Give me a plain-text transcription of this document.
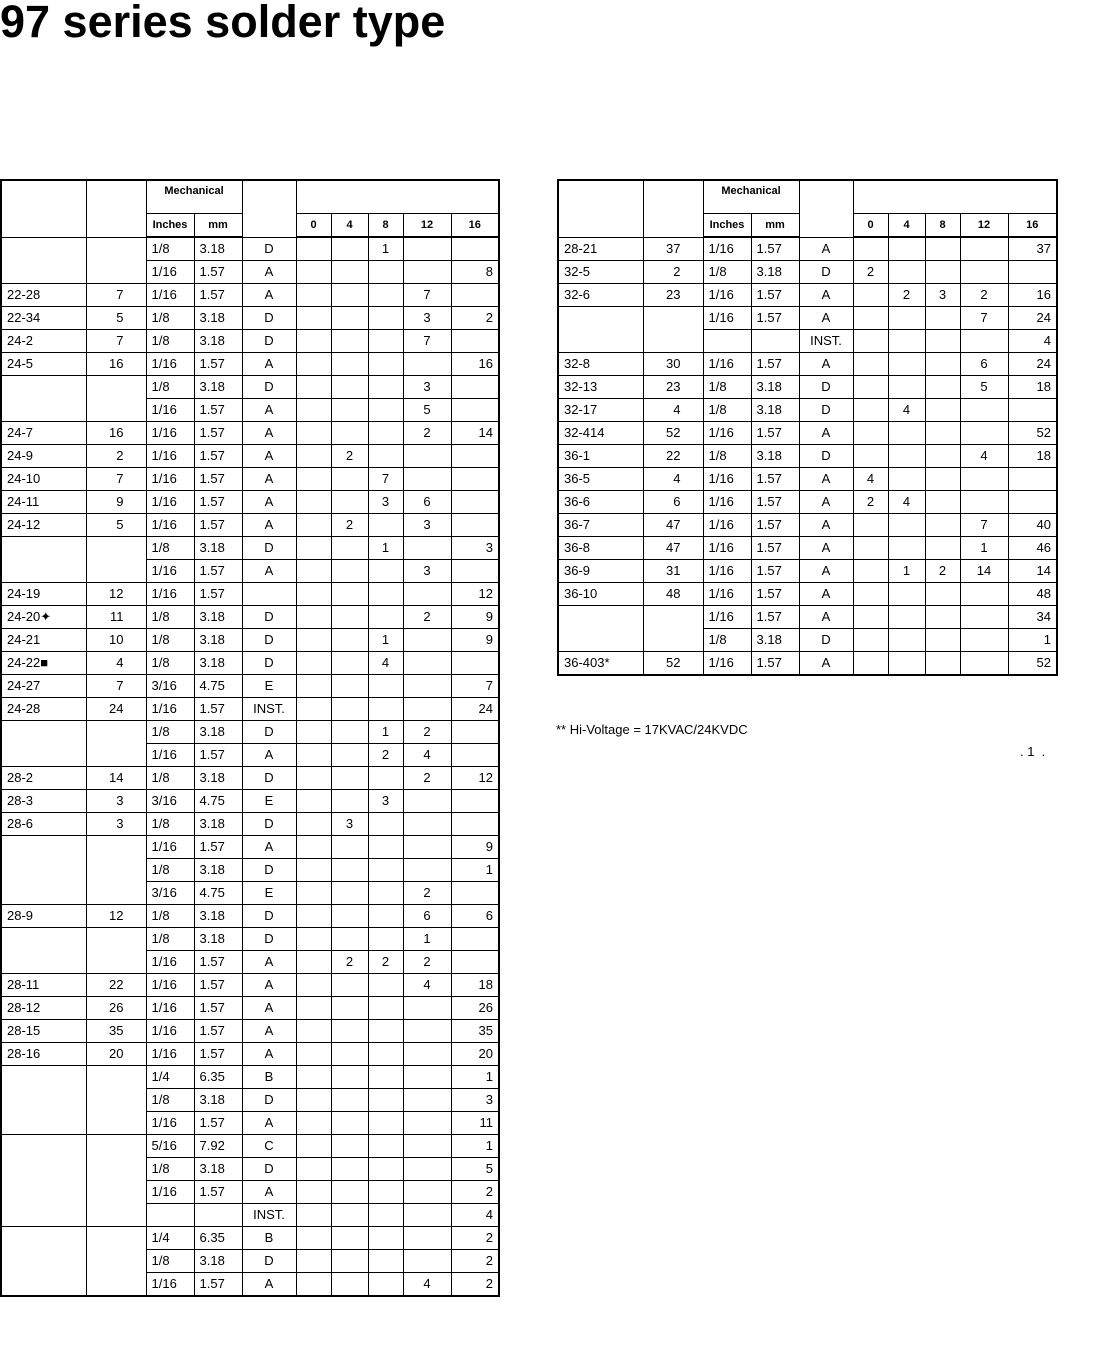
97 series solder type
		Mechanical							
		Inches	mm		0	4	8	12	16
		1/8	3.18	D			1		
		1/16	1.57	A					8
22-28	7	1/16	1.57	A				7	
22-34	5	1/8	3.18	D				3	2
24-2	7	1/8	3.18	D				7	
24-5	16	1/16	1.57	A					16
		1/8	3.18	D				3	
		1/16	1.57	A				5	
24-7	16	1/16	1.57	A				2	14
24-9	2	1/16	1.57	A		2			
24-10	7	1/16	1.57	A			7		
24-11	9	1/16	1.57	A			3	6	
24-12	5	1/16	1.57	A		2		3	
		1/8	3.18	D			1		3
		1/16	1.57	A				3	
24-19	12	1/16	1.57						12
24-20✦	11	1/8	3.18	D				2	9
24-21	10	1/8	3.18	D			1		9
24-22■	4	1/8	3.18	D			4		
24-27	7	3/16	4.75	E					7
24-28	24	1/16	1.57	INST.					24
		1/8	3.18	D			1	2	
		1/16	1.57	A			2	4	
28-2	14	1/8	3.18	D				2	12
28-3	3	3/16	4.75	E			3		
28-6	3	1/8	3.18	D		3			
		1/16	1.57	A					9
		1/8	3.18	D					1
		3/16	4.75	E				2	
28-9	12	1/8	3.18	D				6	6
		1/8	3.18	D				1	
		1/16	1.57	A		2	2	2	
28-11	22	1/16	1.57	A				4	18
28-12	26	1/16	1.57	A					26
28-15	35	1/16	1.57	A					35
28-16	20	1/16	1.57	A					20
		1/4	6.35	B					1
		1/8	3.18	D					3
		1/16	1.57	A					11
		5/16	7.92	C					1
		1/8	3.18	D					5
		1/16	1.57	A					2
				INST.					4
		1/4	6.35	B					2
		1/8	3.18	D					2
		1/16	1.57	A				4	2
		Mechanical							
		Inches	mm		0	4	8	12	16
28-21	37	1/16	1.57	A					37
32-5	2	1/8	3.18	D	2				
32-6	23	1/16	1.57	A		2	3	2	16
		1/16	1.57	A				7	24
				INST.					4
32-8	30	1/16	1.57	A				6	24
32-13	23	1/8	3.18	D				5	18
32-17	4	1/8	3.18	D		4			
32-414	52	1/16	1.57	A					52
36-1	22	1/8	3.18	D				4	18
36-5	4	1/16	1.57	A	4				
36-6	6	1/16	1.57	A	2	4			
36-7	47	1/16	1.57	A				7	40
36-8	47	1/16	1.57	A				1	46
36-9	31	1/16	1.57	A		1	2	14	14
36-10	48	1/16	1.57	A					48
		1/16	1.57	A					34
		1/8	3.18	D					1
36-403*	52	1/16	1.57	A					52
** Hi-Voltage = 17KVAC/24KVDC
. 1  .
